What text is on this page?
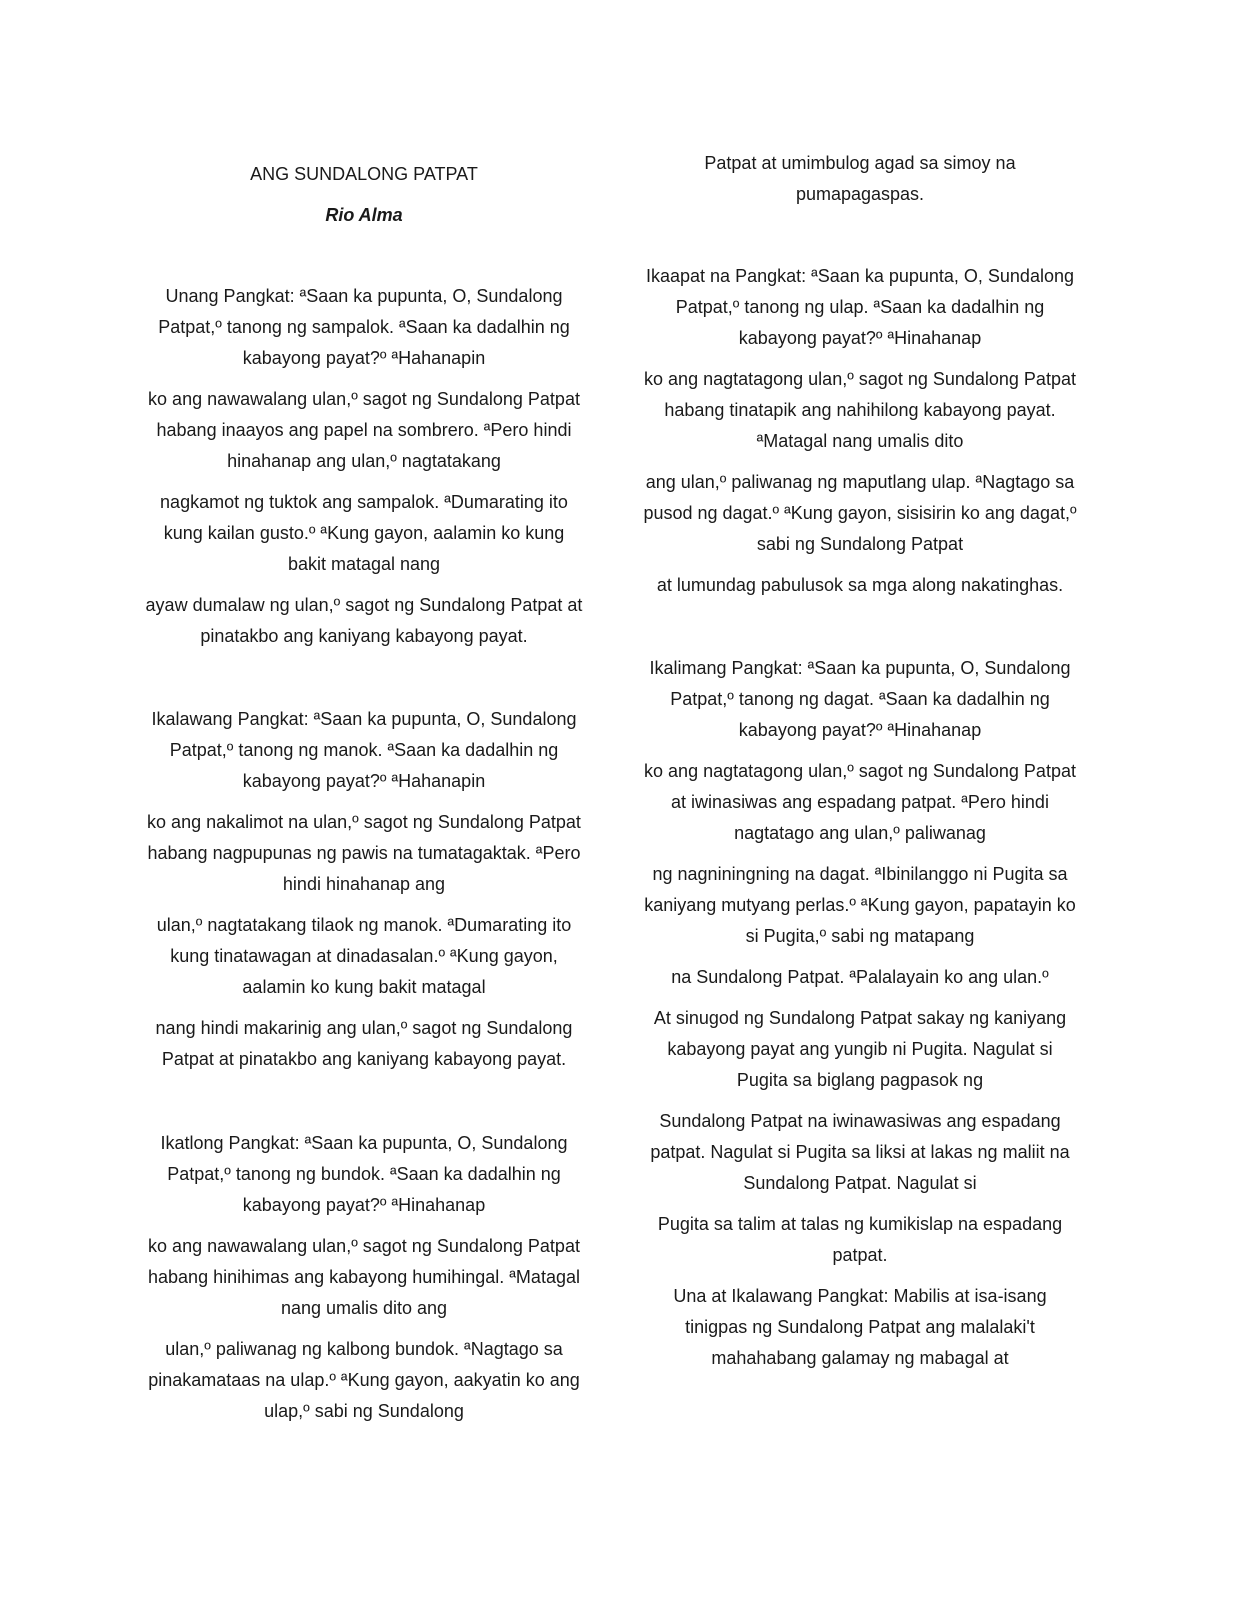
ANG SUNDALONG PATPAT
Rio Alma

Unang Pangkat: ªSaan ka pupunta, O, Sundalong Patpat,º tanong ng sampalok. ªSaan ka dadalhin ng kabayong payat?º ªHahanapin

ko ang nawawalang ulan,º sagot ng Sundalong Patpat habang inaayos ang papel na sombrero. ªPero hindi hinahanap ang ulan,º nagtatakang

nagkamot ng tuktok ang sampalok. ªDumarating ito kung kailan gusto.º ªKung gayon, aalamin ko kung bakit matagal nang

ayaw dumalaw ng ulan,º sagot ng Sundalong Patpat at pinatakbo ang kaniyang kabayong payat.

Ikalawang Pangkat: ªSaan ka pupunta, O, Sundalong Patpat,º tanong ng manok. ªSaan ka dadalhin ng kabayong payat?º ªHahanapin

ko ang nakalimot na ulan,º sagot ng Sundalong Patpat habang nagpupunas ng pawis na tumatagaktak. ªPero hindi hinahanap ang

ulan,º nagtatakang tilaok ng manok. ªDumarating ito kung tinatawagan at dinadasalan.º ªKung gayon, aalamin ko kung bakit matagal

nang hindi makarinig ang ulan,º sagot ng Sundalong Patpat at pinatakbo ang kaniyang kabayong payat.

Ikatlong Pangkat: ªSaan ka pupunta, O, Sundalong Patpat,º tanong ng bundok. ªSaan ka dadalhin ng kabayong payat?º ªHinahanap

ko ang nawawalang ulan,º sagot ng Sundalong Patpat habang hinihimas ang kabayong humihingal. ªMatagal nang umalis dito ang

ulan,º paliwanag ng kalbong bundok. ªNagtago sa pinakamataas na ulap.º ªKung gayon, aakyatin ko ang ulap,º sabi ng Sundalong

Patpat at umimbulog agad sa simoy na pumapagaspas.

Ikaapat na Pangkat: ªSaan ka pupunta, O, Sundalong Patpat,º tanong ng ulap. ªSaan ka dadalhin ng kabayong payat?º ªHinahanap

ko ang nagtatagong ulan,º sagot ng Sundalong Patpat habang tinatapik ang nahihilong kabayong payat. ªMatagal nang umalis dito

ang ulan,º paliwanag ng maputlang ulap. ªNagtago sa pusod ng dagat.º ªKung gayon, sisisirin ko ang dagat,º sabi ng Sundalong Patpat

at lumundag pabulusok sa mga along nakatinghas.

Ikalimang Pangkat: ªSaan ka pupunta, O, Sundalong Patpat,º tanong ng dagat. ªSaan ka dadalhin ng kabayong payat?º ªHinahanap

ko ang nagtatagong ulan,º sagot ng Sundalong Patpat at iwinasiwas ang espadang patpat. ªPero hindi nagtatago ang ulan,º paliwanag

ng nagniningning na dagat. ªIbinilanggo ni Pugita sa kaniyang mutyang perlas.º ªKung gayon, papatayin ko si Pugita,º sabi ng matapang

na Sundalong Patpat. ªPalalayain ko ang ulan.º

At sinugod ng Sundalong Patpat sakay ng kaniyang kabayong payat ang yungib ni Pugita. Nagulat si Pugita sa biglang pagpasok ng

Sundalong Patpat na iwinawasiwas ang espadang patpat. Nagulat si Pugita sa liksi at lakas ng maliit na Sundalong Patpat. Nagulat si

Pugita sa talim at talas ng kumikislap na espadang patpat.

Una at Ikalawang Pangkat: Mabilis at isa-isang tinigpas ng Sundalong Patpat ang malalaki't mahahabang galamay ng mabagal at
